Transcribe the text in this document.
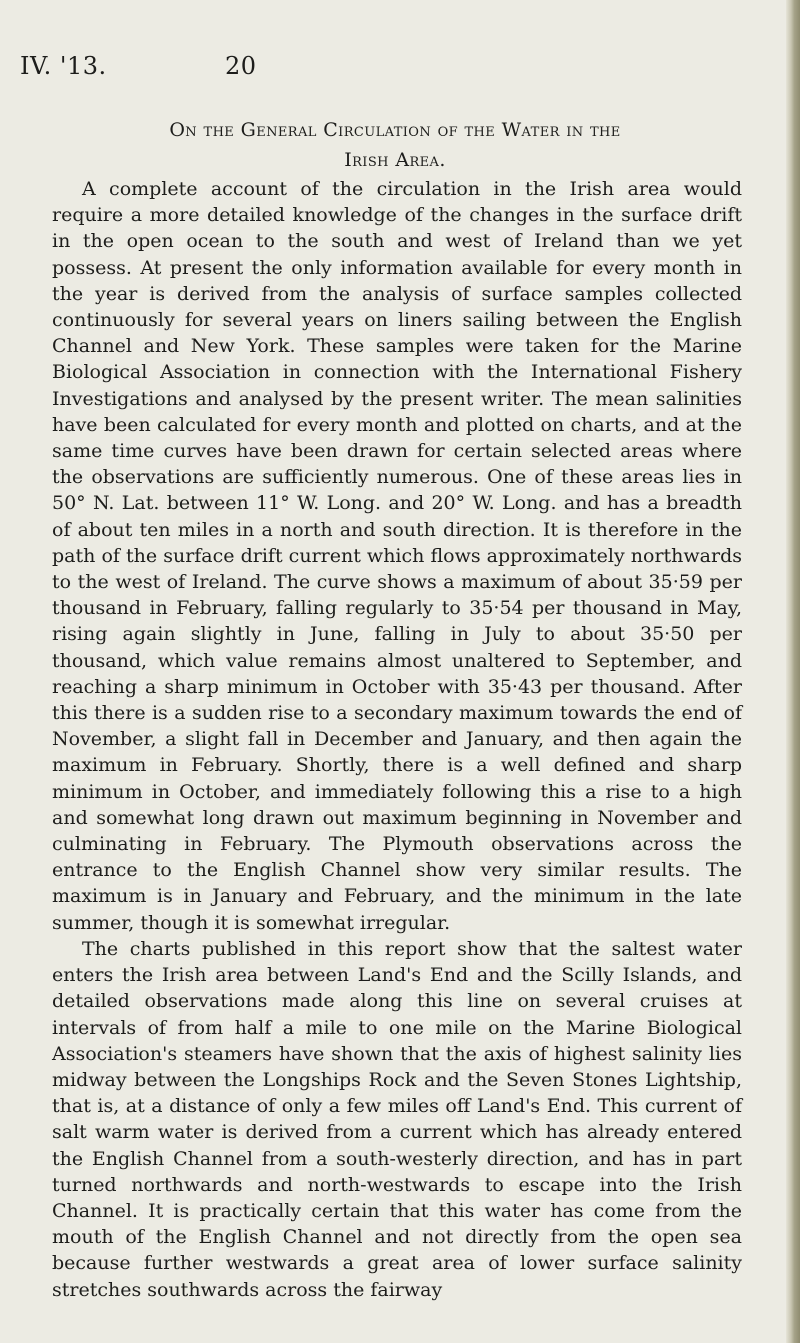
IV. '13.	20
On the General Circulation of the Water in the
Irish Area.

A complete account of the circulation in the Irish area would require a more detailed knowledge of the changes in the surface drift in the open ocean to the south and west of Ireland than we yet possess. At present the only information available for every month in the year is derived from the analysis of surface samples collected continuously for several years on liners sailing between the English Channel and New York. These samples were taken for the Marine Biological Association in connection with the International Fishery Investigations and analysed by the present writer. The mean salinities have been calculated for every month and plotted on charts, and at the same time curves have been drawn for certain selected areas where the observations are sufficiently numerous. One of these areas lies in 50° N. Lat. between 11° W. Long. and 20° W. Long. and has a breadth of about ten miles in a north and south direction. It is therefore in the path of the surface drift current which flows approximately northwards to the west of Ireland. The curve shows a maximum of about 35·59 per thousand in February, falling regularly to 35·54 per thousand in May, rising again slightly in June, falling in July to about 35·50 per thousand, which value remains almost unaltered to September, and reaching a sharp minimum in October with 35·43 per thousand. After this there is a sudden rise to a secondary maximum towards the end of November, a slight fall in December and January, and then again the maximum in February. Shortly, there is a well defined and sharp minimum in October, and immediately following this a rise to a high and somewhat long drawn out maximum beginning in November and culminating in February. The Plymouth observations across the entrance to the English Channel show very similar results. The maximum is in January and February, and the minimum in the late summer, though it is somewhat irregular.

The charts published in this report show that the saltest water enters the Irish area between Land's End and the Scilly Islands, and detailed observations made along this line on several cruises at intervals of from half a mile to one mile on the Marine Biological Association's steamers have shown that the axis of highest salinity lies midway between the Longships Rock and the Seven Stones Lightship, that is, at a distance of only a few miles off Land's End. This current of salt warm water is derived from a current which has already entered the English Channel from a south-westerly direction, and has in part turned northwards and north-westwards to escape into the Irish Channel. It is practically certain that this water has come from the mouth of the English Channel and not directly from the open sea because further westwards a great area of lower surface salinity stretches southwards across the fairway
